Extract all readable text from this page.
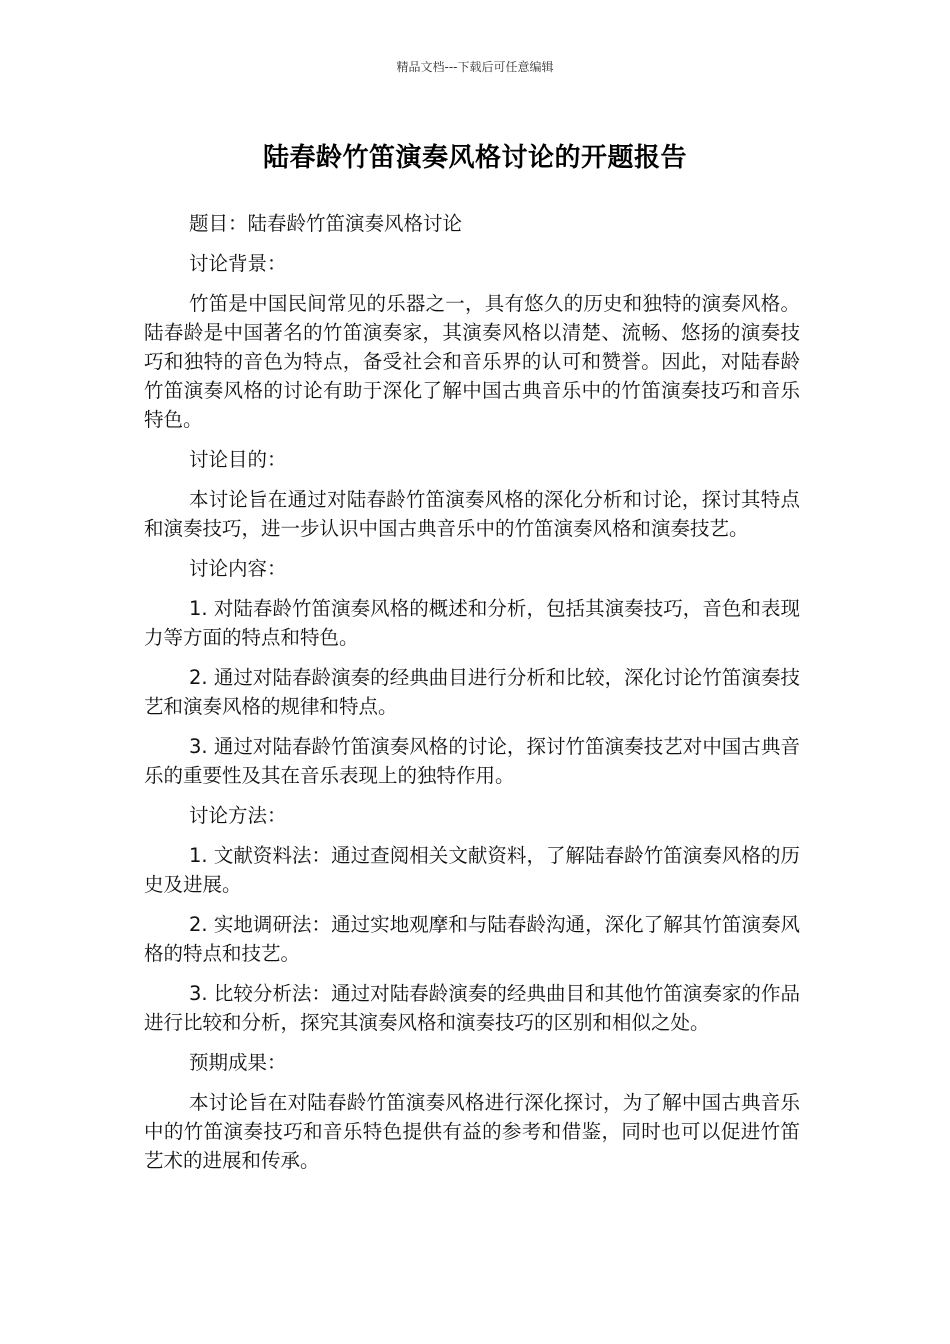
精品文档---下载后可任意编辑
陆春龄竹笛演奏风格讨论的开题报告

题目：陆春龄竹笛演奏风格讨论

讨论背景：

竹笛是中国民间常见的乐器之一，具有悠久的历史和独特的演奏风格。陆春龄是中国著名的竹笛演奏家，其演奏风格以清楚、流畅、悠扬的演奏技巧和独特的音色为特点，备受社会和音乐界的认可和赞誉。因此，对陆春龄竹笛演奏风格的讨论有助于深化了解中国古典音乐中的竹笛演奏技巧和音乐特色。

讨论目的：

本讨论旨在通过对陆春龄竹笛演奏风格的深化分析和讨论，探讨其特点和演奏技巧，进一步认识中国古典音乐中的竹笛演奏风格和演奏技艺。

讨论内容：

1. 对陆春龄竹笛演奏风格的概述和分析，包括其演奏技巧，音色和表现力等方面的特点和特色。

2. 通过对陆春龄演奏的经典曲目进行分析和比较，深化讨论竹笛演奏技艺和演奏风格的规律和特点。

3. 通过对陆春龄竹笛演奏风格的讨论，探讨竹笛演奏技艺对中国古典音乐的重要性及其在音乐表现上的独特作用。

讨论方法：

1. 文献资料法：通过查阅相关文献资料，了解陆春龄竹笛演奏风格的历史及进展。

2. 实地调研法：通过实地观摩和与陆春龄沟通，深化了解其竹笛演奏风格的特点和技艺。

3. 比较分析法：通过对陆春龄演奏的经典曲目和其他竹笛演奏家的作品进行比较和分析，探究其演奏风格和演奏技巧的区别和相似之处。

预期成果：

本讨论旨在对陆春龄竹笛演奏风格进行深化探讨，为了解中国古典音乐中的竹笛演奏技巧和音乐特色提供有益的参考和借鉴，同时也可以促进竹笛艺术的进展和传承。
